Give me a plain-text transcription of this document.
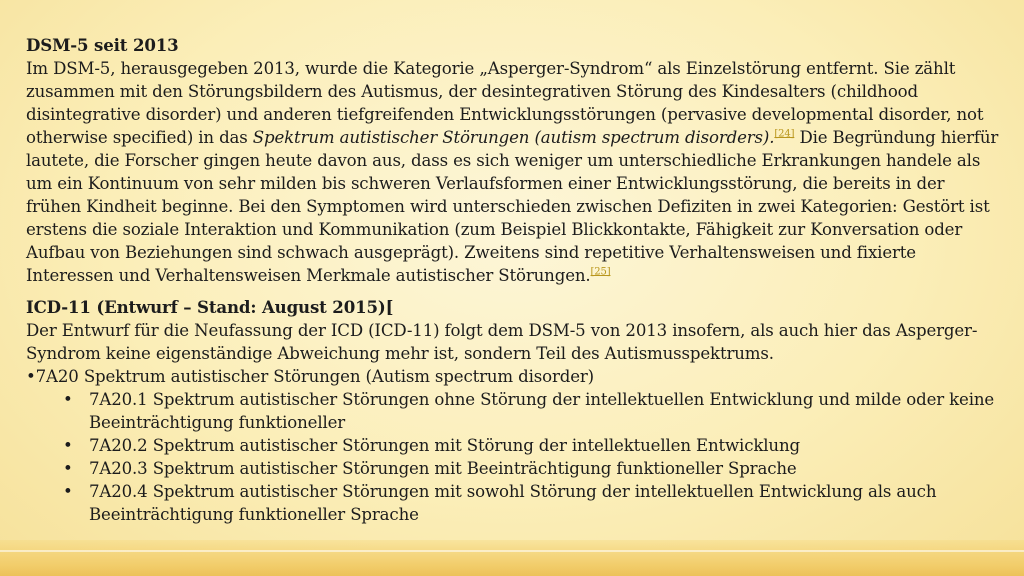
DSM-5 seit 2013

Im DSM-5, herausgegeben 2013, wurde die Kategorie „Asperger-Syndrom“ als Einzelstörung entfernt. Sie zählt zusammen mit den Störungsbildern des Autismus, der desintegrativen Störung des Kindesalters (childhood disintegrative disorder) und anderen tiefgreifenden Entwicklungsstörungen (pervasive developmental disorder, not otherwise specified) in das Spektrum autistischer Störungen (autism spectrum disorders).[24] Die Begründung hierfür lautete, die Forscher gingen heute davon aus, dass es sich weniger um unterschiedliche Erkrankungen handele als um ein Kontinuum von sehr milden bis schweren Verlaufsformen einer Entwicklungsstörung, die bereits in der frühen Kindheit beginne. Bei den Symptomen wird unterschieden zwischen Defiziten in zwei Kategorien: Gestört ist erstens die soziale Interaktion und Kommunikation (zum Beispiel Blickkontakte, Fähigkeit zur Konversation oder Aufbau von Beziehungen sind schwach ausgeprägt). Zweitens sind repetitive Verhaltensweisen und fixierte Interessen und Verhaltensweisen Merkmale autistischer Störungen.[25]

ICD-11 (Entwurf – Stand: August 2015)[

Der Entwurf für die Neufassung der ICD (ICD-11) folgt dem DSM-5 von 2013 insofern, als auch hier das Asperger-Syndrom keine eigenständige Abweichung mehr ist, sondern Teil des Autismusspektrums.

•7A20 Spektrum autistischer Störungen (Autism spectrum disorder)

• 7A20.1 Spektrum autistischer Störungen ohne Störung der intellektuellen Entwicklung und milde oder keine Beeinträchtigung funktioneller
• 7A20.2 Spektrum autistischer Störungen mit Störung der intellektuellen Entwicklung
• 7A20.3 Spektrum autistischer Störungen mit Beeinträchtigung funktioneller Sprache
• 7A20.4 Spektrum autistischer Störungen mit sowohl Störung der intellektuellen Entwicklung als auch Beeinträchtigung funktioneller Sprache
